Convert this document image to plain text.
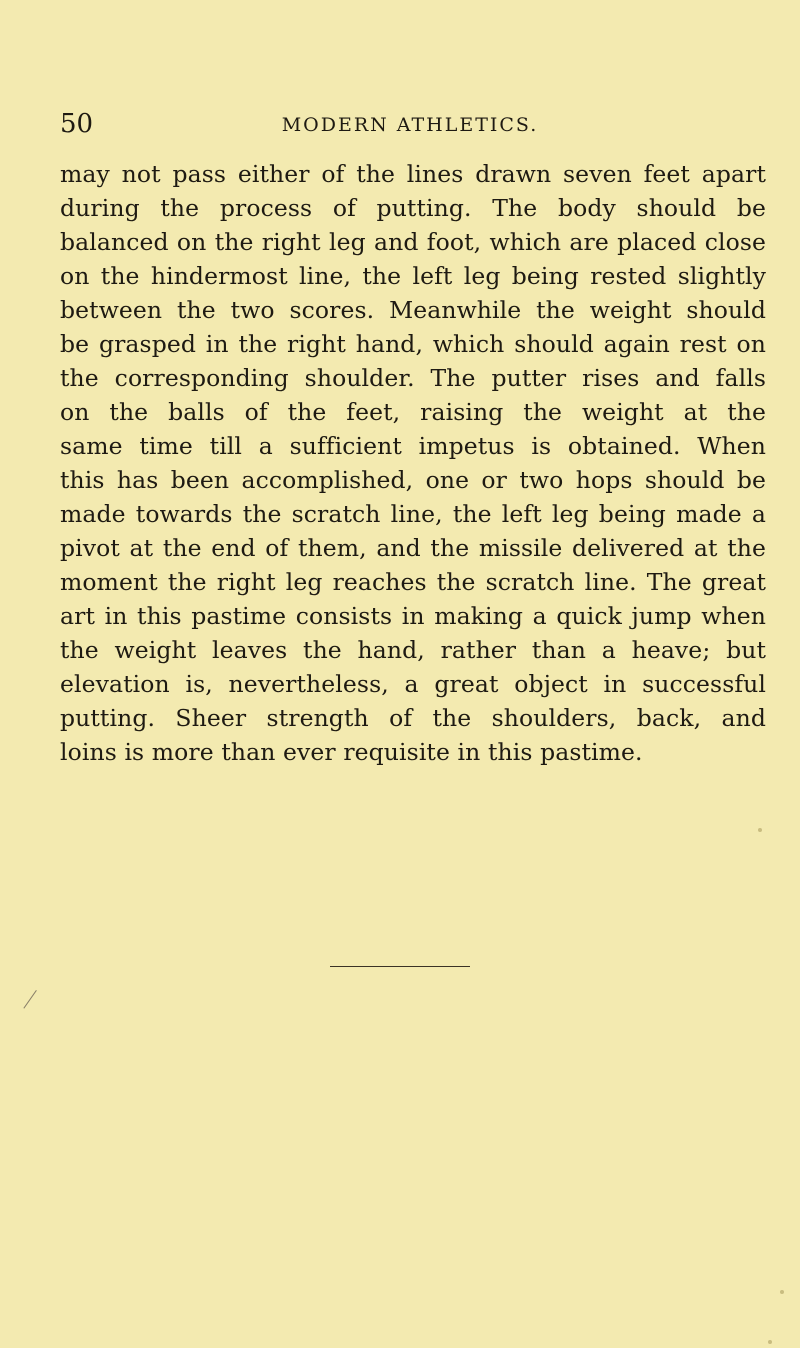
50	MODERN ATHLETICS.
may not pass either of the lines drawn seven feet apart
during the process of putting. The body should be
balanced on the right leg and foot, which are placed close
on the hindermost line, the left leg being rested slightly
between the two scores. Meanwhile the weight should
be grasped in the right hand, which should again rest on
the corresponding shoulder. The putter rises and falls
on the balls of the feet, raising the weight at the
same time till a sufficient impetus is obtained. When
this has been accomplished, one or two hops should be
made towards the scratch line, the left leg being made a
pivot at the end of them, and the missile delivered at the
moment the right leg reaches the scratch line. The great
art in this pastime consists in making a quick jump when
the weight leaves the hand, rather than a heave; but
elevation is, nevertheless, a great object in successful
putting. Sheer strength of the shoulders, back, and
loins is more than ever requisite in this pastime.
